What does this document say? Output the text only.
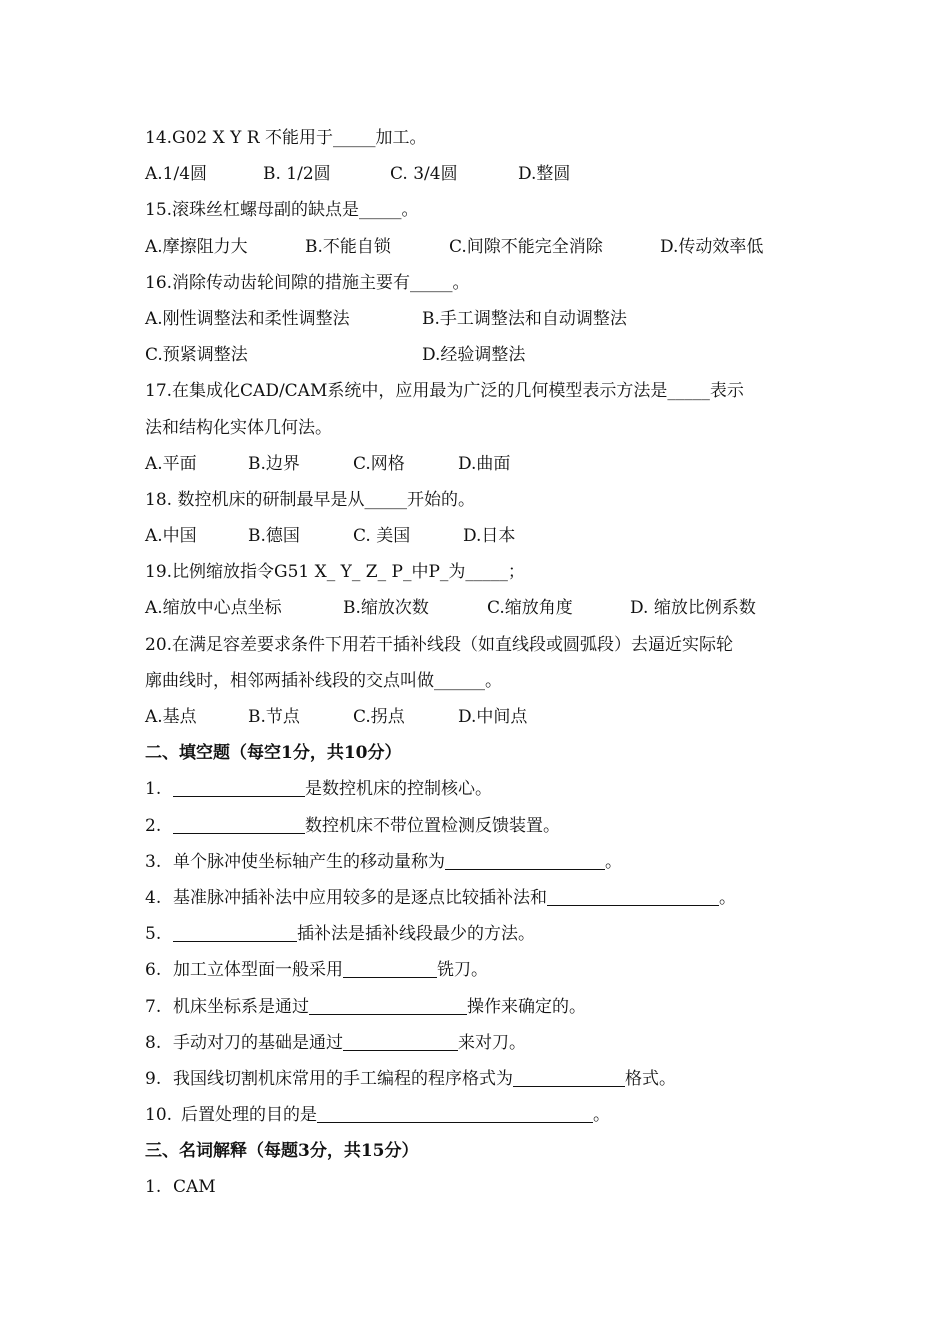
14.G02 X Y R 不能用于_____加工。
A.1/4圆	B. 1/2圆	C. 3/4圆	D.整圆
15.滚珠丝杠螺母副的缺点是_____。
A.摩擦阻力大	B.不能自锁	C.间隙不能完全消除	D.传动效率低
16.消除传动齿轮间隙的措施主要有_____。
A.刚性调整法和柔性调整法	B.手工调整法和自动调整法
C.预紧调整法	D.经验调整法
17.在集成化CAD/CAM系统中，应用最为广泛的几何模型表示方法是_____表示
法和结构化实体几何法。
A.平面	B.边界	C.网格	D.曲面
18. 数控机床的研制最早是从_____开始的。
A.中国	B.德国	C. 美国	D.日本
19.比例缩放指令G51 X_ Y_ Z_ P_中P_为_____；
A.缩放中心点坐标	B.缩放次数	C.缩放角度	D. 缩放比例系数
20.在满足容差要求条件下用若干插补线段（如直线段或圆弧段）去逼近实际轮
廓曲线时，相邻两插补线段的交点叫做______。
A.基点	B.节点	C.拐点	D.中间点
二、填空题（每空1分，共10分）
1.	是数控机床的控制核心。
2.	数控机床不带位置检测反馈装置。
3. 单个脉冲使坐标轴产生的移动量称为	。
4. 基准脉冲插补法中应用较多的是逐点比较插补法和	。
5.	插补法是插补线段最少的方法。
6. 加工立体型面一般采用	铣刀。
7. 机床坐标系是通过	操作来确定的。
8. 手动对刀的基础是通过	来对刀。
9. 我国线切割机床常用的手工编程的程序格式为	格式。
10. 后置处理的目的是	。
三、名词解释（每题3分，共15分）
1. CAM
